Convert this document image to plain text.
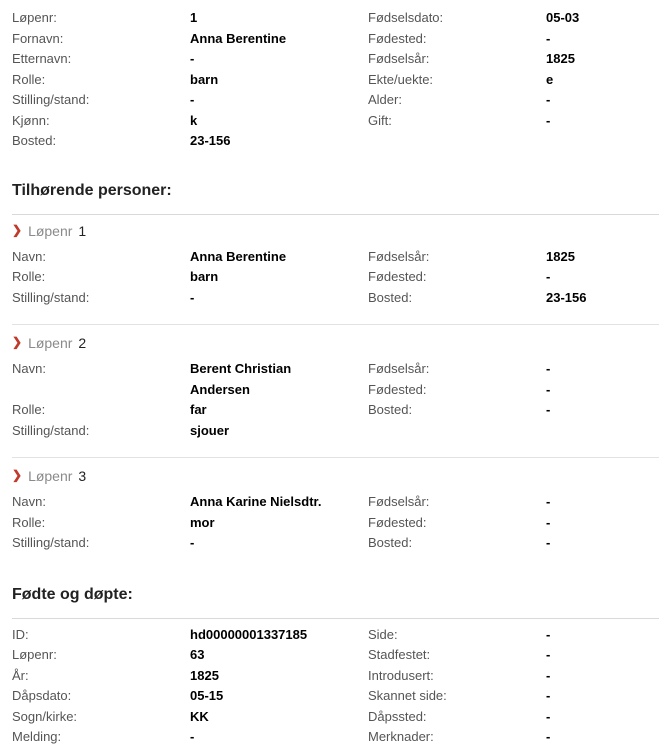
Løpenr:	1	Fødselsdato:	05-03
Fornavn:	Anna Berentine	Fødested:	-
Etternavn:	-	Fødselsår:	1825
Rolle:	barn	Ekte/uekte:	e
Stilling/stand:	-	Alder:	-
Kjønn:	k	Gift:	-
Bosted:	23-156
Tilhørende personer:
❯ Løpenr 1
Navn:	Anna Berentine	Fødselsår:	1825
Rolle:	barn	Fødested:	-
Stilling/stand:	-	Bosted:	23-156
❯ Løpenr 2
Navn:	Berent Christian	Fødselsår:	-
Andersen	Fødested:	-
Rolle:	far	Bosted:	-
Stilling/stand:	sjouer
❯ Løpenr 3
Navn:	Anna Karine Nielsdtr.	Fødselsår:	-
Rolle:	mor	Fødested:	-
Stilling/stand:	-	Bosted:	-
Fødte og døpte:
ID:	hd00000001337185	Side:	-
Løpenr:	63	Stadfestet:	-
År:	1825	Introdusert:	-
Dåpsdato:	05-15	Skannet side:	-
Sogn/kirke:	KK	Dåpssted:	-
Melding:	-	Merknader:	-
